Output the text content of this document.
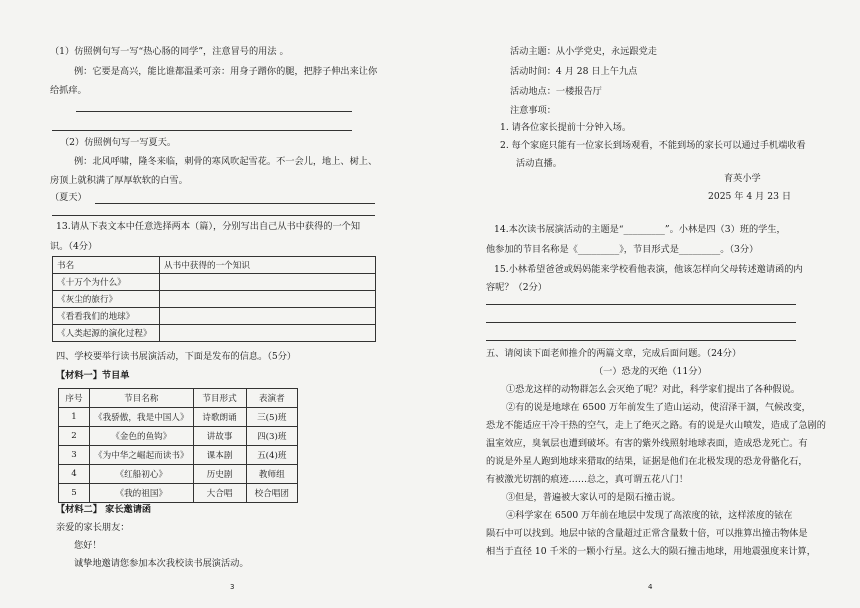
（1）仿照例句写一写“热心肠的同学”，注意冒号的用法 。
例：它要是高兴，能比谁都温柔可亲：用身子蹭你的腿，把脖子伸出来让你
给抓痒。
（2）仿照例句写一写夏天。
例：北风呼啸，隆冬来临，刺骨的寒风吹起雪花。不一会儿，地上、树上、
房顶上就积满了厚厚软软的白雪。
（夏天）
13.请从下表文本中任意选择两本（篇），分别写出自己从书中获得的一个知
识。（4分）
书名	从书中获得的一个知识
《十万个为什么》	
《灰尘的旅行》	
《看看我们的地球》	
《人类起源的演化过程》	
四、学校要举行读书展演活动，下面是发布的信息。（5分）
【材料一】节目单
序号	节目名称	节目形式	表演者
1	《我骄傲，我是中国人》	诗歌朗诵	三(5)班
2	《金色的鱼钩》	讲故事	四(3)班
3	《为中华之崛起而读书》	课本剧	五(4)班
4	《红船初心》	历史剧	教师组
5	《我的祖国》	大合唱	校合唱团
【材料二】 家长邀请函
亲爱的家长朋友：
您好！
诚挚地邀请您参加本次我校读书展演活动。
3
活动主题：从小学党史，永远跟党走
活动时间：4 月 28 日上午九点
活动地点：一楼报告厅
注意事项：
1. 请各位家长提前十分钟入场。
2. 每个家庭只能有一位家长到场观看，不能到场的家长可以通过手机端收看
活动直播。
育英小学
2025 年 4 月 23 日
14.本次读书展演活动的主题是“_________”。小林是四（3）班的学生，
他参加的节目名称是《_________》，节目形式是_________。（3分）
15.小林希望爸爸或妈妈能来学校看他表演，他该怎样向父母转述邀请函的内
容呢？（2分）
五、请阅读下面老师推介的两篇文章，完成后面问题。（24分）
（一）恐龙的灭绝（11分）
①恐龙这样的动物群怎么会灭绝了呢？对此，科学家们提出了各种假说。
②有的说是地球在 6500 万年前发生了造山运动，使沼泽干涸，气候改变，
恐龙不能适应干冷干热的空气，走上了绝灭之路。有的说是火山喷发，造成了急剧的
温室效应，臭氧层也遭到破坏。有害的紫外线照射地球表面，造成恐龙死亡。有
的说是外星人跑到地球来猎取的结果，证据是他们在北极发现的恐龙骨骼化石，
有被激光切割的痕迹……总之，真可谓五花八门！
③但是，普遍被大家认可的是陨石撞击说。
④科学家在 6500 万年前在地层中发现了高浓度的铱，这样浓度的铱在
陨石中可以找到。地层中铱的含量超过正常含量数十倍，可以推算出撞击物体是
相当于直径 10 千米的一颗小行星。这么大的陨石撞击地球，用地震强度来计算，
4
